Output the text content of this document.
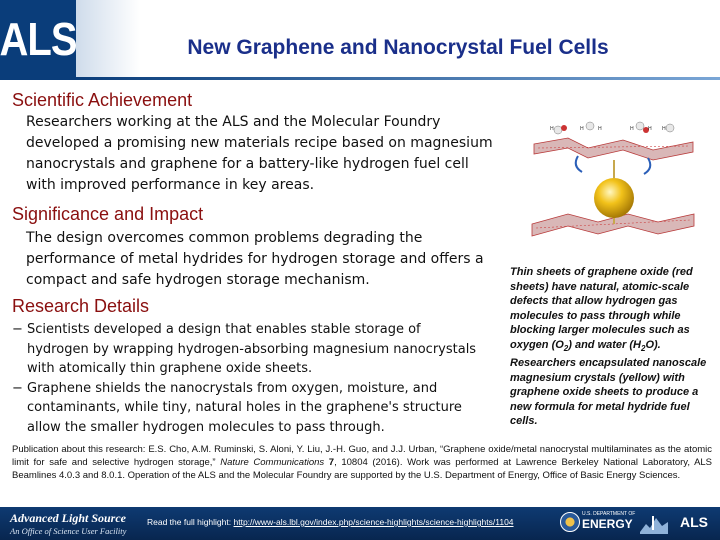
ALS	New Graphene and Nanocrystal Fuel Cells
Scientific Achievement
Researchers working at the ALS and the Molecular Foundry developed a promising new materials recipe based on magnesium nanocrystals and graphene for a battery-like hydrogen fuel cell with improved performance in key areas.
Significance and Impact
The design overcomes common problems degrading the performance of metal hydrides for hydrogen storage and offers a compact and safe hydrogen storage mechanism.
Research Details
− Scientists developed a design that enables stable storage of hydrogen by wrapping hydrogen-absorbing magnesium nanocrystals with atomically thin graphene oxide sheets.
− Graphene shields the nanocrystals from oxygen, moisture, and contaminants, while tiny, natural holes in the graphene's structure allow the smaller hydrogen molecules to pass through.
H	H	H	H	H H
Thin sheets of graphene oxide (red sheets) have natural, atomic-scale defects that allow hydrogen gas molecules to pass through while blocking larger molecules such as oxygen $(O_2)$ and water $(H_2O)$. Researchers encapsulated nanoscale magnesium crystals (yellow) with graphene oxide sheets to produce a new formula for metal hydride fuel cells.
Publication about this research: E.S. Cho, A.M. Ruminski, S. Aloni, Y. Liu, J.-H. Guo, and J.J. Urban, “Graphene oxide/metal nanocrystal multilaminates as the atomic limit for safe and selective hydrogen storage,” Nature Communications 7, 10804 (2016). Work was performed at Lawrence Berkeley National Laboratory, ALS Beamlines 4.0.3 and 8.0.1. Operation of the ALS and the Molecular Foundry are supported by the U.S. Department of Energy, Office of Basic Energy Sciences.
Advanced Light Source
An Office of Science User Facility
Read the full highlight: http://www-als.lbl.gov/index.php/science-highlights/science-highlights/1104
U.S. DEPARTMENT OF
ENERGY	ALS
